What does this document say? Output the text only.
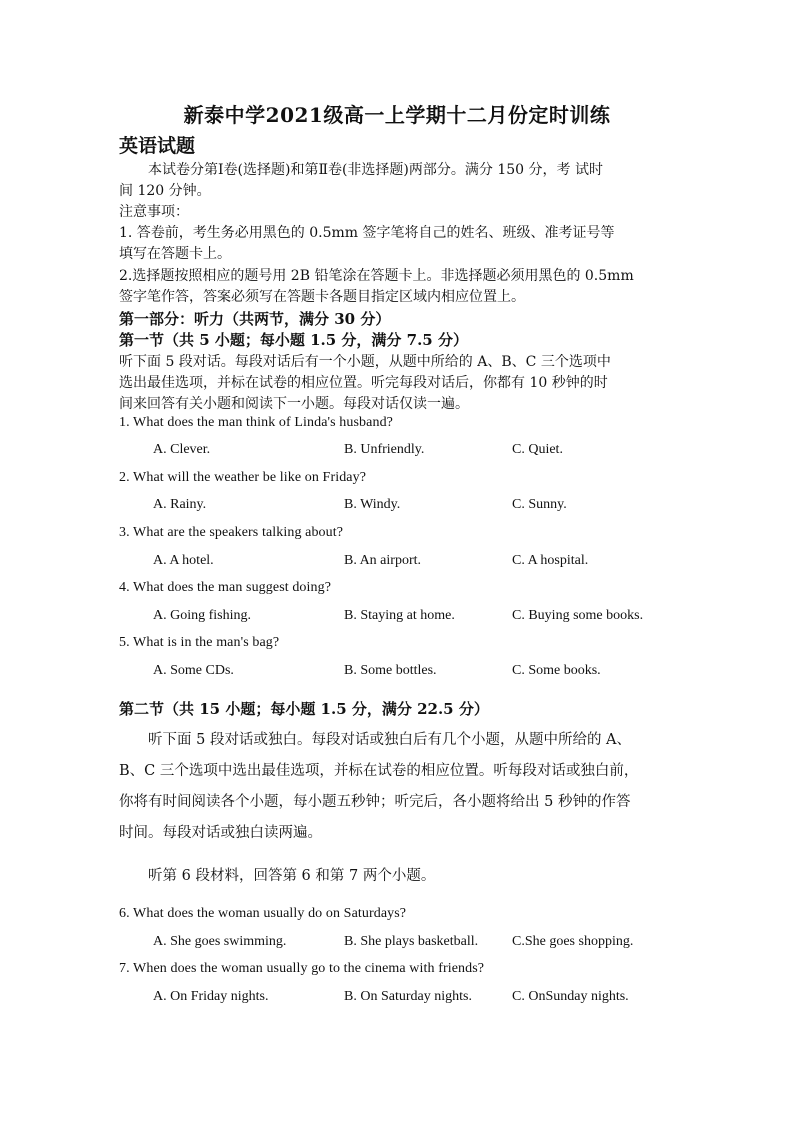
新泰中学2021级高一上学期十二月份定时训练
英语试题
本试卷分第Ⅰ卷(选择题)和第Ⅱ卷(非选择题)两部分。满分 150 分，考 试时
间 120 分钟。
注意事项：
1. 答卷前，考生务必用黑色的 0.5mm 签字笔将自己的姓名、班级、准考证号等
填写在答题卡上。
2.选择题按照相应的题号用 2B 铅笔涂在答题卡上。非选择题必须用黑色的 0.5mm
签字笔作答，答案必须写在答题卡各题目指定区域内相应位置上。
第一部分：听力（共两节，满分 30 分）
第一节（共 5 小题；每小题 1.5 分，满分 7.5 分）
听下面 5 段对话。每段对话后有一个小题，从题中所给的 A、B、C 三个选项中
选出最佳选项，并标在试卷的相应位置。听完每段对话后，你都有 10 秒钟的时
间来回答有关小题和阅读下一小题。每段对话仅读一遍。
1. What does the man think of Linda's husband?
A. Clever.	B. Unfriendly.	C. Quiet.
2. What will the weather be like on Friday?
A. Rainy.	B. Windy.	C. Sunny.
3. What are the speakers talking about?
A. A hotel.	B. An airport.	C. A hospital.
4. What does the man suggest doing?
A. Going fishing.	B. Staying at home.	C. Buying some books.
5. What is in the man's bag?
A. Some CDs.	B. Some bottles.	C. Some books.
第二节（共 15 小题；每小题 1.5 分，满分 22.5 分）
听下面 5 段对话或独白。每段对话或独白后有几个小题，从题中所给的 A、
B、C 三个选项中选出最佳选项，并标在试卷的相应位置。听每段对话或独白前，
你将有时间阅读各个小题，每小题五秒钟；听完后，各小题将给出 5 秒钟的作答
时间。每段对话或独白读两遍。
听第 6 段材料，回答第 6 和第 7 两个小题。
6. What does the woman usually do on Saturdays?
A. She goes swimming.	B. She plays basketball. C.She goes shopping.
7. When does the woman usually go to the cinema with friends?
A. On Friday nights.	B. On Saturday nights.	C. OnSunday nights.
